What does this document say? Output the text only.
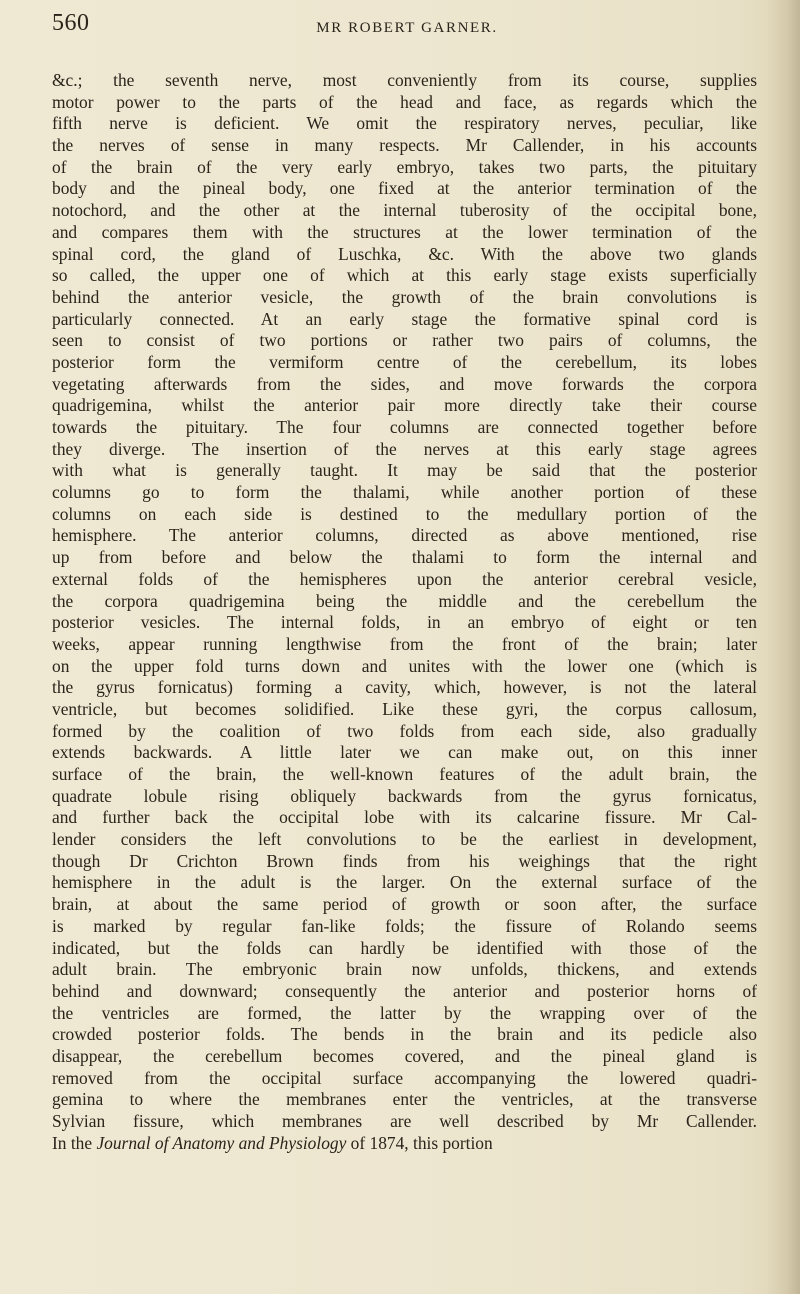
560	MR ROBERT GARNER.
&c.; the seventh nerve, most conveniently from its course, supplies
motor power to the parts of the head and face, as regards which the
fifth nerve is deficient. We omit the respiratory nerves, peculiar, like
the nerves of sense in many respects. Mr Callender, in his accounts
of the brain of the very early embryo, takes two parts, the pituitary
body and the pineal body, one fixed at the anterior termination of the
notochord, and the other at the internal tuberosity of the occipital bone,
and compares them with the structures at the lower termination of the
spinal cord, the gland of Luschka, &c. With the above two glands
so called, the upper one of which at this early stage exists superficially
behind the anterior vesicle, the growth of the brain convolutions is
particularly connected. At an early stage the formative spinal cord is
seen to consist of two portions or rather two pairs of columns, the
posterior form the vermiform centre of the cerebellum, its lobes
vegetating afterwards from the sides, and move forwards the corpora
quadrigemina, whilst the anterior pair more directly take their course
towards the pituitary. The four columns are connected together before
they diverge. The insertion of the nerves at this early stage agrees
with what is generally taught. It may be said that the posterior
columns go to form the thalami, while another portion of these
columns on each side is destined to the medullary portion of the
hemisphere. The anterior columns, directed as above mentioned, rise
up from before and below the thalami to form the internal and
external folds of the hemispheres upon the anterior cerebral vesicle,
the corpora quadrigemina being the middle and the cerebellum the
posterior vesicles. The internal folds, in an embryo of eight or ten
weeks, appear running lengthwise from the front of the brain; later
on the upper fold turns down and unites with the lower one (which is
the gyrus fornicatus) forming a cavity, which, however, is not the lateral
ventricle, but becomes solidified. Like these gyri, the corpus callosum,
formed by the coalition of two folds from each side, also gradually
extends backwards. A little later we can make out, on this inner
surface of the brain, the well-known features of the adult brain, the
quadrate lobule rising obliquely backwards from the gyrus fornicatus,
and further back the occipital lobe with its calcarine fissure. Mr Cal-
lender considers the left convolutions to be the earliest in development,
though Dr Crichton Brown finds from his weighings that the right
hemisphere in the adult is the larger. On the external surface of the
brain, at about the same period of growth or soon after, the surface
is marked by regular fan-like folds; the fissure of Rolando seems
indicated, but the folds can hardly be identified with those of the
adult brain. The embryonic brain now unfolds, thickens, and extends
behind and downward; consequently the anterior and posterior horns of
the ventricles are formed, the latter by the wrapping over of the
crowded posterior folds. The bends in the brain and its pedicle also
disappear, the cerebellum becomes covered, and the pineal gland is
removed from the occipital surface accompanying the lowered quadri-
gemina to where the membranes enter the ventricles, at the transverse
Sylvian fissure, which membranes are well described by Mr Callender.
In the Journal of Anatomy and Physiology of 1874, this portion
